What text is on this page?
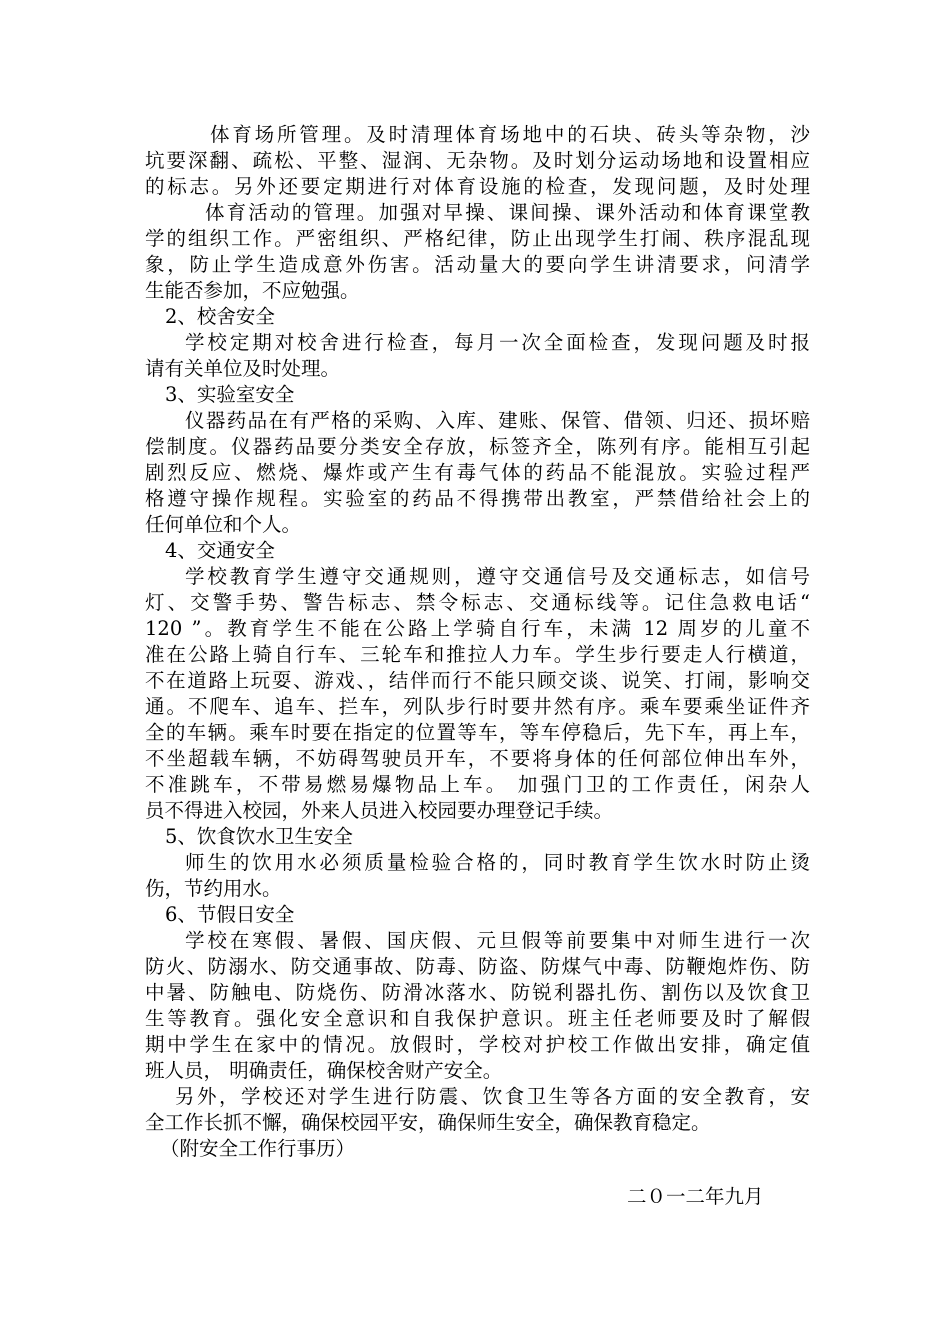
体育场所管理。及时清理体育场地中的石块、砖头等杂物，沙
坑要深翻、疏松、平整、湿润、无杂物。及时划分运动场地和设置相应
的标志。另外还要定期进行对体育设施的检查，发现问题，及时处理
体育活动的管理。加强对早操、课间操、课外活动和体育课堂教
学的组织工作。严密组织、严格纪律，防止出现学生打闹、秩序混乱现
象，防止学生造成意外伤害。活动量大的要向学生讲清要求，问清学
生能否参加，不应勉强。
2、校舍安全
学校定期对校舍进行检查，每月一次全面检查，发现问题及时报
请有关单位及时处理。
3、实验室安全
仪器药品在有严格的采购、入库、建账、保管、借领、归还、损坏赔
偿制度。仪器药品要分类安全存放，标签齐全，陈列有序。能相互引起
剧烈反应、燃烧、爆炸或产生有毒气体的药品不能混放。实验过程严
格遵守操作规程。实验室的药品不得携带出教室，严禁借给社会上的
任何单位和个人。
4、交通安全
学校教育学生遵守交通规则，遵守交通信号及交通标志，如信号
灯、交警手势、警告标志、禁令标志、交通标线等。记住急救电话“
120 ”。教育学生不能在公路上学骑自行车，未满 12 周岁的儿童不
准在公路上骑自行车、三轮车和推拉人力车。学生步行要走人行横道，
不在道路上玩耍、游戏、，结伴而行不能只顾交谈、说笑、打闹，影响交
通。不爬车、追车、拦车，列队步行时要井然有序。乘车要乘坐证件齐
全的车辆。乘车时要在指定的位置等车，等车停稳后，先下车，再上车，
不坐超载车辆，不妨碍驾驶员开车，不要将身体的任何部位伸出车外，
不准跳车，不带易燃易爆物品上车。 加强门卫的工作责任，闲杂人
员不得进入校园，外来人员进入校园要办理登记手续。
5、饮食饮水卫生安全
师生的饮用水必须质量检验合格的，同时教育学生饮水时防止烫
伤，节约用水。
6、节假日安全
学校在寒假、暑假、国庆假、元旦假等前要集中对师生进行一次
防火、防溺水、防交通事故、防毒、防盗、防煤气中毒、防鞭炮炸伤、防
中暑、防触电、防烧伤、防滑冰落水、防锐利器扎伤、割伤以及饮食卫
生等教育。强化安全意识和自我保护意识。班主任老师要及时了解假
期中学生在家中的情况。放假时，学校对护校工作做出安排，确定值
班人员， 明确责任，确保校舍财产安全。
另外，学校还对学生进行防震、饮食卫生等各方面的安全教育，安
全工作长抓不懈，确保校园平安，确保师生安全，确保教育稳定。
（附安全工作行事历）
二０一二年九月
